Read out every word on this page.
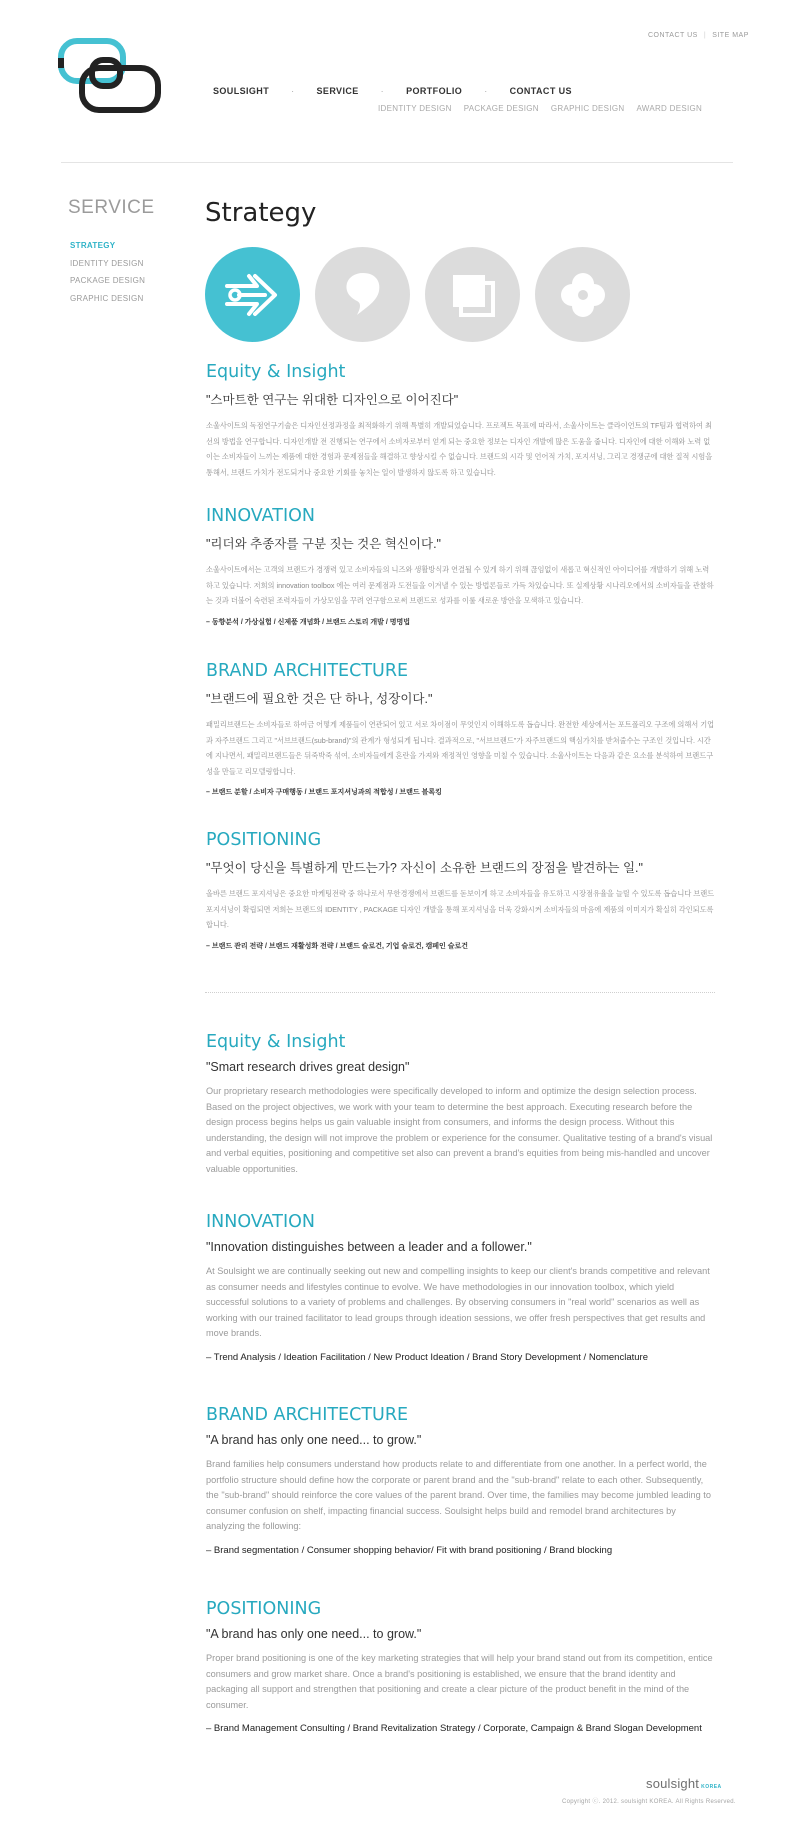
CONTACT US | SITE MAP
SOULSIGHT · SERVICE · PORTFOLIO · CONTACT US
IDENTITY DESIGN PACKAGE DESIGN GRAPHIC DESIGN AWARD DESIGN
SERVICE
STRATEGY
IDENTITY DESIGN
PACKAGE DESIGN
GRAPHIC DESIGN
Strategy
Equity & Insight
"스마트한 연구는 위대한 디자인으로 이어진다"

소울사이트의 독점연구기술은 디자인선정과정을 최적화하기 위해 특별히 개발되었습니다. 프로젝트 목표에 따라서, 소울사이트는 클라이언트의 TF팀과 협력하여 최선의 방법을 연구합니다. 디자인개발 전 진행되는 연구에서 소비자로부터 얻게 되는 중요한 정보는 디자인 개발에 많은 도움을 줍니다. 디자인에 대한 이해와 노력 없이는 소비자들이 느끼는 제품에 대한 경험과 문제점들을 해결하고 향상시킬 수 없습니다. 브랜드의 시각 및 언어적 가치, 포지셔닝, 그리고 경쟁군에 대한 질적 시험을 통해서, 브랜드 가치가 전도되거나 중요한 기회를 놓치는 일이 발생하지 않도록 하고 있습니다.

INNOVATION
"리더와 추종자를 구분 짓는 것은 혁신이다."

소울사이트에서는 고객의 브랜드가 경쟁력 있고 소비자들의 니즈와 생활방식과 연결될 수 있게 하기 위해 끊임없이 새롭고 혁신적인 아이디어를 개발하기 위해 노력하고 있습니다. 저희의 innovation toolbox 에는 여러 문제점과 도전들을 이겨낼 수 있는 방법론들로 가득 차있습니다. 또 실제상황 시나리오에서의 소비자들을 관찰하는 것과 더불어 숙련된 조력자들이 가상모임을 꾸려 연구함으로써 브랜드로 성과를 이룰 새로운 방안을 모색하고 있습니다.

– 동향분석 / 가상실험 / 신제품 개념화 / 브랜드 스토리 개발 / 명명법
BRAND ARCHITECTURE
"브랜드에 필요한 것은 단 하나, 성장이다."

패밀리브랜드는 소비자들로 하여금 어떻게 제품들이 연관되어 있고 서로 차이점이 무엇인지 이해하도록 돕습니다. 완전한 세상에서는 포트폴리오 구조에 의해서 기업과 자주브랜드 그리고 "서브브랜드(sub-brand)"의 관계가 형성되게 됩니다. 결과적으로, "서브브랜드"가 자주브랜드의 핵심가치를 받쳐줄수는 구조인 것입니다. 시간에 지나면서, 패밀리브랜드들은 뒤죽박죽 섞여, 소비자들에게 혼란을 가져와 재정적인 영향을 미칠 수 있습니다. 소울사이트는 다음과 같은 요소를 분석하여 브랜드구성을 만들고 리모델링합니다.

– 브랜드 분할 / 소비자 구매행동 / 브랜드 포지셔닝과의 적합성 / 브랜드 블록킹
POSITIONING
"무엇이 당신을 특별하게 만드는가? 자신이 소유한 브랜드의 장점을 발견하는 일."

올바른 브랜드 포지셔닝은 중요한 마케팅전략 중 하나로서 무한경쟁에서 브랜드를 돋보이게 하고 소비자들을 유도하고 시장점유율을 늘릴 수 있도록 돕습니다 브랜드 포지셔닝이 확립되면 저희는 브랜드의 IDENTITY , PACKAGE 디자인 개발을 통해 포지셔닝을 더욱 강화시켜 소비자들의 마음에 제품의 이미지가 확실히 각인되도록 합니다.

– 브랜드 관리 전략 / 브랜드 재활성화 전략 / 브랜드 슬로건, 기업 슬로건, 캠페인 슬로건
Equity & Insight
"Smart research drives great design"

Our proprietary research methodologies were specifically developed to inform and optimize the design selection process. Based on the project objectives, we work with your team to determine the best approach. Executing research before the design process begins helps us gain valuable insight from consumers, and informs the design process. Without this understanding, the design will not improve the problem or experience for the consumer. Qualitative testing of a brand's visual and verbal equities, positioning and competitive set also can prevent a brand's equities from being mis-handled and uncover valuable opportunities.

INNOVATION
"Innovation distinguishes between a leader and a follower."

At Soulsight we are continually seeking out new and compelling insights to keep our client's brands competitive and relevant as consumer needs and lifestyles continue to evolve. We have methodologies in our innovation toolbox, which yield successful solutions to a variety of problems and challenges. By observing consumers in "real world" scenarios as well as working with our trained facilitator to lead groups through ideation sessions, we offer fresh perspectives that get results and move brands.

– Trend Analysis / Ideation Facilitation / New Product Ideation / Brand Story Development / Nomenclature
BRAND ARCHITECTURE
"A brand has only one need... to grow."

Brand families help consumers understand how products relate to and differentiate from one another. In a perfect world, the portfolio structure should define how the corporate or parent brand and the "sub-brand" relate to each other. Subsequently, the "sub-brand" should reinforce the core values of the parent brand. Over time, the families may become jumbled leading to consumer confusion on shelf, impacting financial success. Soulsight helps build and remodel brand architectures by analyzing the following:

– Brand segmentation / Consumer shopping behavior/ Fit with brand positioning / Brand blocking
POSITIONING
"A brand has only one need... to grow."

Proper brand positioning is one of the key marketing strategies that will help your brand stand out from its competition, entice consumers and grow market share. Once a brand's positioning is established, we ensure that the brand identity and packaging all support and strengthen that positioning and create a clear picture of the product benefit in the mind of the consumer.

– Brand Management Consulting / Brand Revitalization Strategy / Corporate, Campaign & Brand Slogan Development
soulsight KOREA
Copyright ⓒ. 2012. soulsight KOREA. All Rights Reserved.
